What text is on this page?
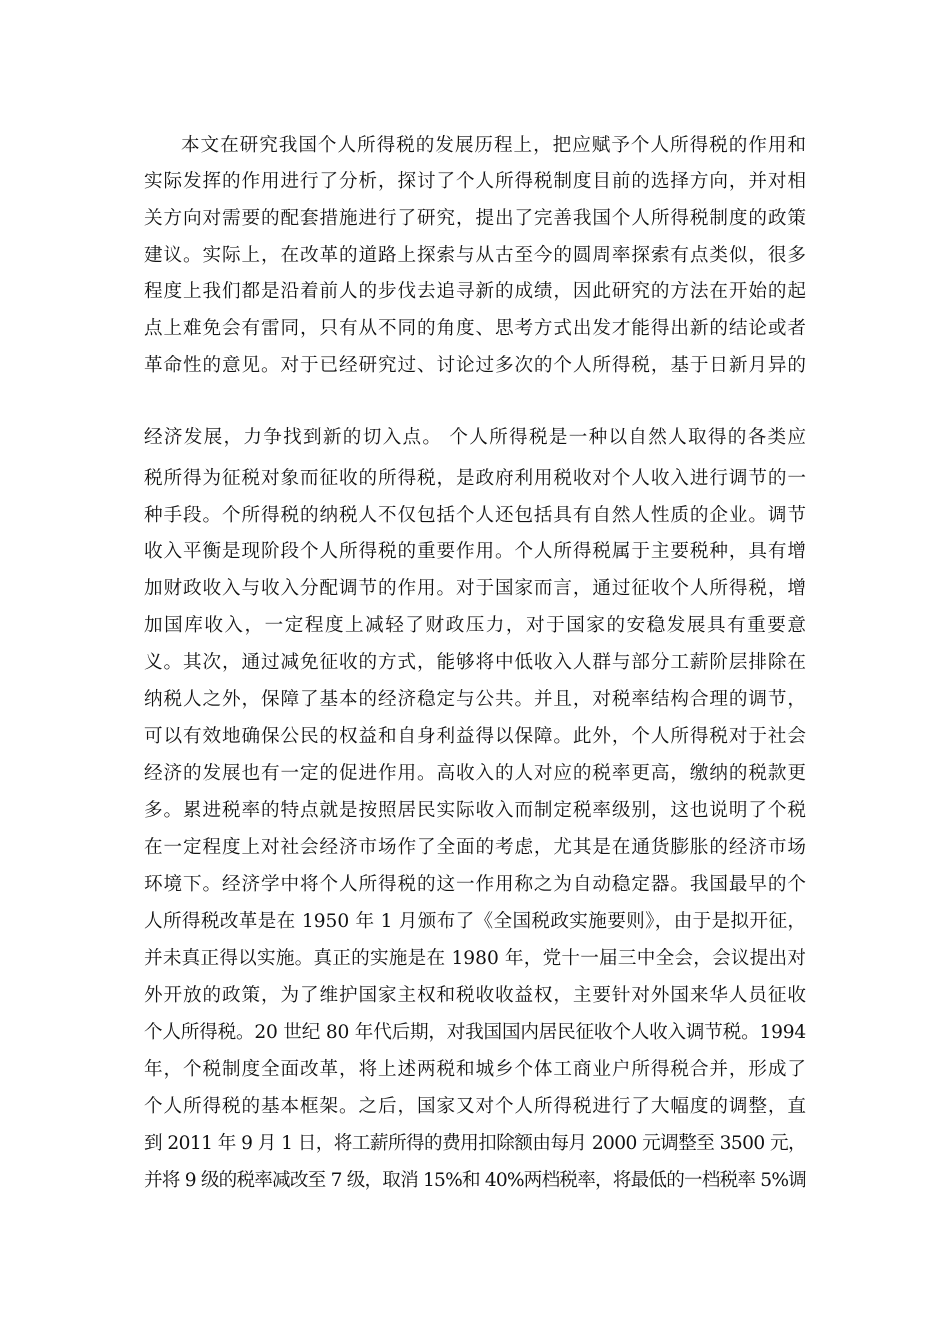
本文在研究我国个人所得税的发展历程上，把应赋予个人所得税的作用和
实际发挥的作用进行了分析，探讨了个人所得税制度目前的选择方向，并对相
关方向对需要的配套措施进行了研究，提出了完善我国个人所得税制度的政策
建议。实际上，在改革的道路上探索与从古至今的圆周率探索有点类似，很多
程度上我们都是沿着前人的步伐去追寻新的成绩，因此研究的方法在开始的起
点上难免会有雷同，只有从不同的角度、思考方式出发才能得出新的结论或者
革命性的意见。对于已经研究过、讨论过多次的个人所得税，基于日新月异的
经济发展，力争找到新的切入点。 个人所得税是一种以自然人取得的各类应
税所得为征税对象而征收的所得税，是政府利用税收对个人收入进行调节的一
种手段。个所得税的纳税人不仅包括个人还包括具有自然人性质的企业。调节
收入平衡是现阶段个人所得税的重要作用。个人所得税属于主要税种，具有增
加财政收入与收入分配调节的作用。对于国家而言，通过征收个人所得税，增
加国库收入，一定程度上减轻了财政压力，对于国家的安稳发展具有重要意
义。其次，通过减免征收的方式，能够将中低收入人群与部分工薪阶层排除在
纳税人之外，保障了基本的经济稳定与公共。并且，对税率结构合理的调节，
可以有效地确保公民的权益和自身利益得以保障。此外，个人所得税对于社会
经济的发展也有一定的促进作用。高收入的人对应的税率更高，缴纳的税款更
多。累进税率的特点就是按照居民实际收入而制定税率级别，这也说明了个税
在一定程度上对社会经济市场作了全面的考虑，尤其是在通货膨胀的经济市场
环境下。经济学中将个人所得税的这一作用称之为自动稳定器。我国最早的个
人所得税改革是在 1950 年 1 月颁布了《全国税政实施要则》，由于是拟开征，
并未真正得以实施。真正的实施是在 1980 年，党十一届三中全会，会议提出对
外开放的政策，为了维护国家主权和税收收益权，主要针对外国来华人员征收
个人所得税。20 世纪 80 年代后期，对我国国内居民征收个人收入调节税。1994
年，个税制度全面改革，将上述两税和城乡个体工商业户所得税合并，形成了
个人所得税的基本框架。之后，国家又对个人所得税进行了大幅度的调整，直
到 2011 年 9 月 1 日，将工薪所得的费用扣除额由每月 2000 元调整至 3500 元，
并将 9 级的税率减改至 7 级，取消 15%和 40%两档税率，将最低的一档税率 5%调
